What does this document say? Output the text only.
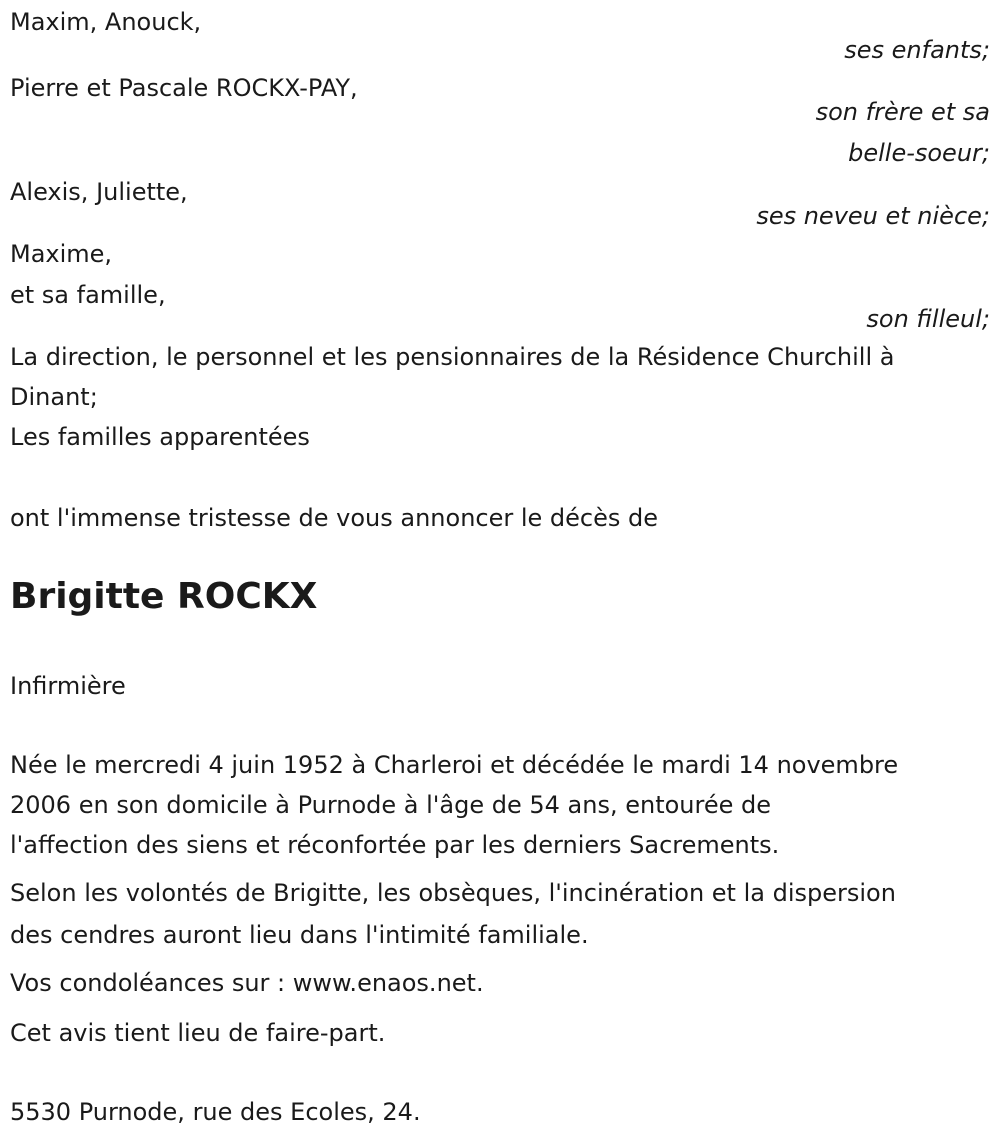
Maxim, Anouck,
ses enfants;
Pierre et Pascale ROCKX-PAY,
son frère et sa
belle-soeur;
Alexis, Juliette,
ses neveu et nièce;
Maxime,
et sa famille,
son filleul;
La direction, le personnel et les pensionnaires de la Résidence Churchill à
Dinant;
Les familles apparentées
ont l'immense tristesse de vous annoncer le décès de
Brigitte ROCKX
Infirmière
Née le mercredi 4 juin 1952 à Charleroi et décédée le mardi 14 novembre
2006 en son domicile à Purnode à l'âge de 54 ans, entourée de
l'affection des siens et réconfortée par les derniers Sacrements.
Selon les volontés de Brigitte, les obsèques, l'incinération et la dispersion
des cendres auront lieu dans l'intimité familiale.
Vos condoléances sur : www.enaos.net.
Cet avis tient lieu de faire-part.
5530 Purnode, rue des Ecoles, 24.
